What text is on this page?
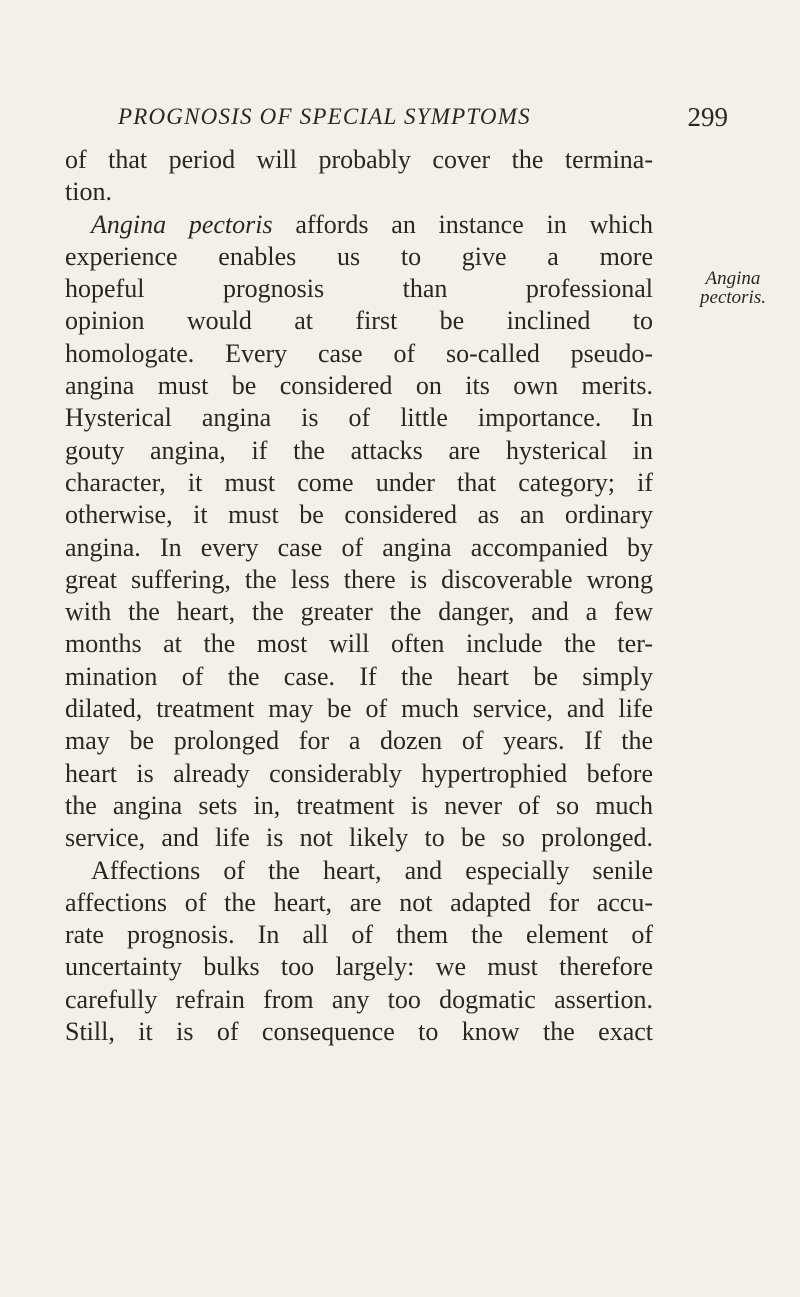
PROGNOSIS OF SPECIAL SYMPTOMS	299
of that period will probably cover the termina-
tion.
Angina pectoris affords an instance in which
experience enables us to give a more
hopeful prognosis than professional
opinion would at first be inclined to
homologate. Every case of so-called pseudo-
angina must be considered on its own merits.
Hysterical angina is of little importance. In
gouty angina, if the attacks are hysterical in
character, it must come under that category; if
otherwise, it must be considered as an ordinary
angina. In every case of angina accompanied by
great suffering, the less there is discoverable wrong
with the heart, the greater the danger, and a few
months at the most will often include the ter-
mination of the case. If the heart be simply
dilated, treatment may be of much service, and life
may be prolonged for a dozen of years. If the
heart is already considerably hypertrophied before
the angina sets in, treatment is never of so much
service, and life is not likely to be so prolonged.
Affections of the heart, and especially senile
affections of the heart, are not adapted for accu-
rate prognosis. In all of them the element of
uncertainty bulks too largely: we must therefore
carefully refrain from any too dogmatic assertion.
Still, it is of consequence to know the exact
Angina
pectoris.
